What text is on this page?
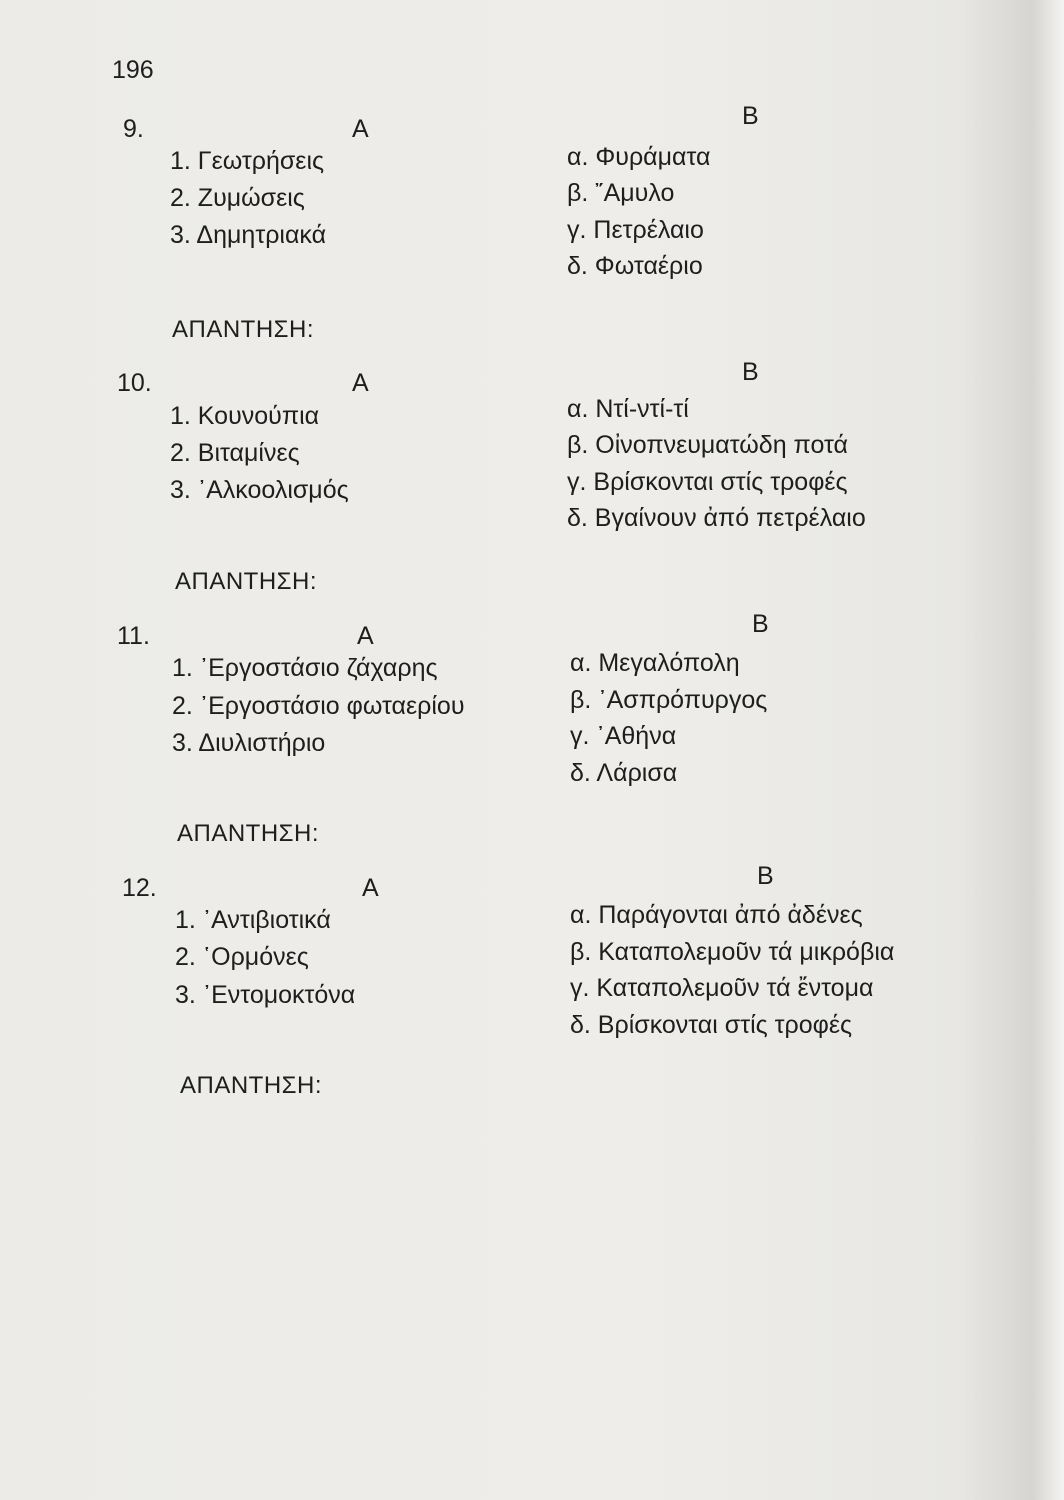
196
9.	A	B
1. Γεωτρήσεις
2. Ζυμώσεις
3. Δημητριακά
α. Φυράματα
β. ῎Αμυλο
γ. Πετρέλαιο
δ. Φωταέριο
ΑΠΑΝΤΗΣΗ:
10.	A	B
1. Κουνούπια
2. Βιταμίνες
3. ᾿Αλκοολισμός
α. Ντί-ντί-τί
β. Οἰνοπνευματώδη ποτά
γ. Βρίσκονται στίς τροφές
δ. Βγαίνουν ἀπό πετρέλαιο
ΑΠΑΝΤΗΣΗ:
11.	A	B
1. ᾿Εργοστάσιο ζάχαρης
2. ᾿Εργοστάσιο φωταερίου
3. Διυλιστήριο
α. Μεγαλόπολη
β. ᾿Ασπρόπυργος
γ. ᾿Αθήνα
δ. Λάρισα
ΑΠΑΝΤΗΣΗ:
12.	A	B
1. ᾿Αντιβιοτικά
2. ῾Ορμόνες
3. ᾿Εντομοκτόνα
α. Παράγονται ἀπό ἀδένες
β. Καταπολεμοῦν τά μικρόβια
γ. Καταπολεμοῦν τά ἔντομα
δ. Βρίσκονται στίς τροφές
ΑΠΑΝΤΗΣΗ:
